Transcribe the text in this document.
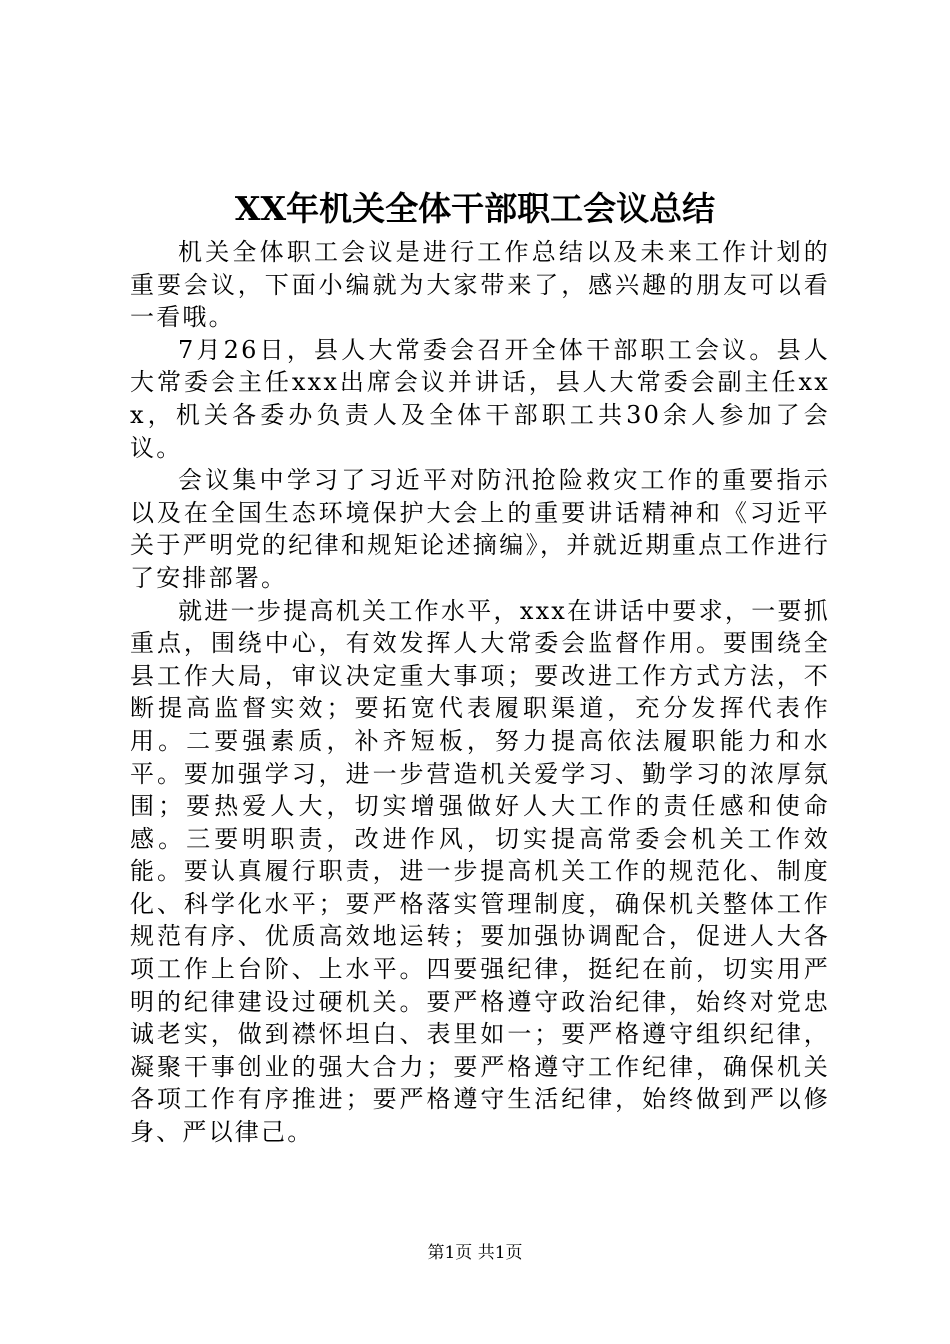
XX年机关全体干部职工会议总结

机关全体职工会议是进行工作总结以及未来工作计划的重要会议，下面小编就为大家带来了，感兴趣的朋友可以看一看哦。

7月26日，县人大常委会召开全体干部职工会议。县人大常委会主任xxx出席会议并讲话，县人大常委会副主任xxx，机关各委办负责人及全体干部职工共30余人参加了会议。

会议集中学习了习近平对防汛抢险救灾工作的重要指示以及在全国生态环境保护大会上的重要讲话精神和《习近平关于严明党的纪律和规矩论述摘编》，并就近期重点工作进行了安排部署。

就进一步提高机关工作水平，xxx在讲话中要求，一要抓重点，围绕中心，有效发挥人大常委会监督作用。要围绕全县工作大局，审议决定重大事项；要改进工作方式方法，不断提高监督实效；要拓宽代表履职渠道，充分发挥代表作用。二要强素质，补齐短板，努力提高依法履职能力和水平。要加强学习，进一步营造机关爱学习、勤学习的浓厚氛围；要热爱人大，切实增强做好人大工作的责任感和使命感。三要明职责，改进作风，切实提高常委会机关工作效能。要认真履行职责，进一步提高机关工作的规范化、制度化、科学化水平；要严格落实管理制度，确保机关整体工作规范有序、优质高效地运转；要加强协调配合，促进人大各项工作上台阶、上水平。四要强纪律，挺纪在前，切实用严明的纪律建设过硬机关。要严格遵守政治纪律，始终对党忠诚老实，做到襟怀坦白、表里如一；要严格遵守组织纪律，凝聚干事创业的强大合力；要严格遵守工作纪律，确保机关各项工作有序推进；要严格遵守生活纪律，始终做到严以修身、严以律己。

第1页 共1页
